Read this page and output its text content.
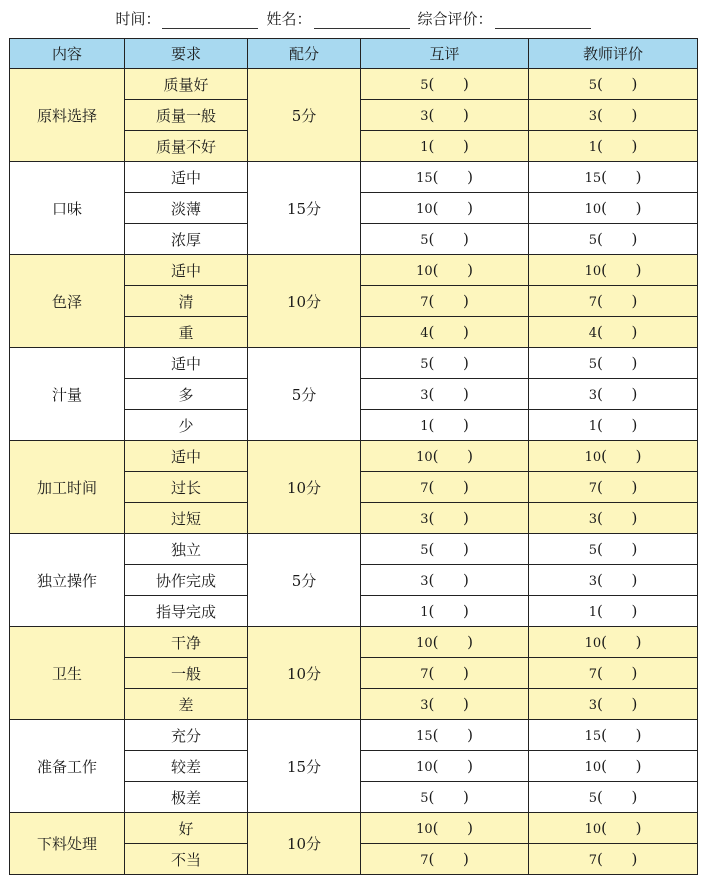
时间：	姓名：	综合评价：
内容	要求	配分	互评	教师评价
原料选择	质量好	5分	5(      )	5(      )
	质量一般		3(      )	3(      )
	质量不好		1(      )	1(      )
口味	适中	15分	15(      )	15(      )
	淡薄		10(      )	10(      )
	浓厚		5(      )	5(      )
色泽	适中	10分	10(      )	10(      )
	清		7(      )	7(      )
	重		4(      )	4(      )
汁量	适中	5分	5(      )	5(      )
	多		3(      )	3(      )
	少		1(      )	1(      )
加工时间	适中	10分	10(      )	10(      )
	过长		7(      )	7(      )
	过短		3(      )	3(      )
独立操作	独立	5分	5(      )	5(      )
	协作完成		3(      )	3(      )
	指导完成		1(      )	1(      )
卫生	干净	10分	10(      )	10(      )
	一般		7(      )	7(      )
	差		3(      )	3(      )
准备工作	充分	15分	15(      )	15(      )
	较差		10(      )	10(      )
	极差		5(      )	5(      )
下料处理	好	10分	10(      )	10(      )
	不当		7(      )	7(      )
